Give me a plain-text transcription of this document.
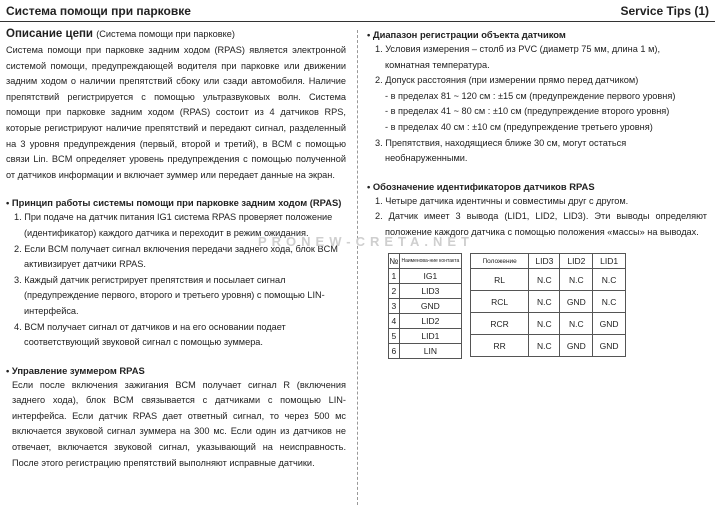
Система помощи при парковке	Service Tips (1)
Описание цепи (Система помощи при парковке)
Система помощи при парковке задним ходом (RPAS) является электронной системой помощи, предупреждающей водителя при парковке или движении задним ходом о наличии препятствий сбоку или сзади автомобиля. Наличие препятствий регистрируется с помощью ультразвуковых волн. Система помощи при парковке задним ходом (RPAS) состоит из 4 датчиков RPS, которые регистрируют наличие препятствий и передают сигнал, разделенный на 3 уровня предупреждения (первый, второй и третий), в BCM с помощью связи Lin. BCM определяет уровень предупреждения с помощью полученной от датчиков информации и включает зуммер или передает данные на экран.
• Принцип работы системы помощи при парковке задним ходом (RPAS)
1. При подаче на датчик питания IG1 система RPAS проверяет положение (идентификатор) каждого датчика и переходит в режим ожидания.
2. Если BCM получает сигнал включения передачи заднего хода, блок BCM активизирует датчики RPAS.
3. Каждый датчик регистрирует препятствия и посылает сигнал (предупреждение первого, второго и третьего уровня) с помощью LIN-интерфейса.
4. BCM получает сигнал от датчиков и на его основании подает соответствующий звуковой сигнал с помощью зуммера.
• Управление зуммером RPAS
Если после включения зажигания BCM получает сигнал R (включения заднего хода), блок BCM связывается с датчиками с помощью LIN-интерфейса. Если датчик RPAS дает ответный сигнал, то через 500 мс включается звуковой сигнал зуммера на 300 мс. Если один из датчиков не отвечает, включается звуковой сигнал, указывающий на неисправность. После этого регистрацию препятствий выполняют исправные датчики.
• Диапазон регистрации объекта датчиком
1. Условия измерения – столб из PVC (диаметр 75 мм, длина 1 м), комнатная температура.
2. Допуск расстояния (при измерении прямо перед датчиком)
- в пределах 81 ~ 120 см : ±15 см (предупреждение первого уровня)
- в пределах 41 ~ 80 см : ±10 см (предупреждение второго уровня)
- в пределах 40 см : ±10 см (предупреждение третьего уровня)
3. Препятствия, находящиеся ближе 30 см, могут остаться необнаруженными.
• Обозначение идентификаторов датчиков RPAS
1. Четыре датчика идентичны и совместимы друг с другом.
2. Датчик имеет 3 вывода (LID1, LID2, LID3). Эти выводы определяют положение каждого датчика с помощью положения «массы» на выводах.
PRONEW-CRETA.NET
№	Наименова-ние контакта
1	IG1
2	LID3
3	GND
4	LID2
5	LID1
6	LIN
Положение	LID3	LID2	LID1
RL	N.C	N.C	N.C
RCL	N.C	GND	N.C
RCR	N.C	N.C	GND
RR	N.C	GND	GND
